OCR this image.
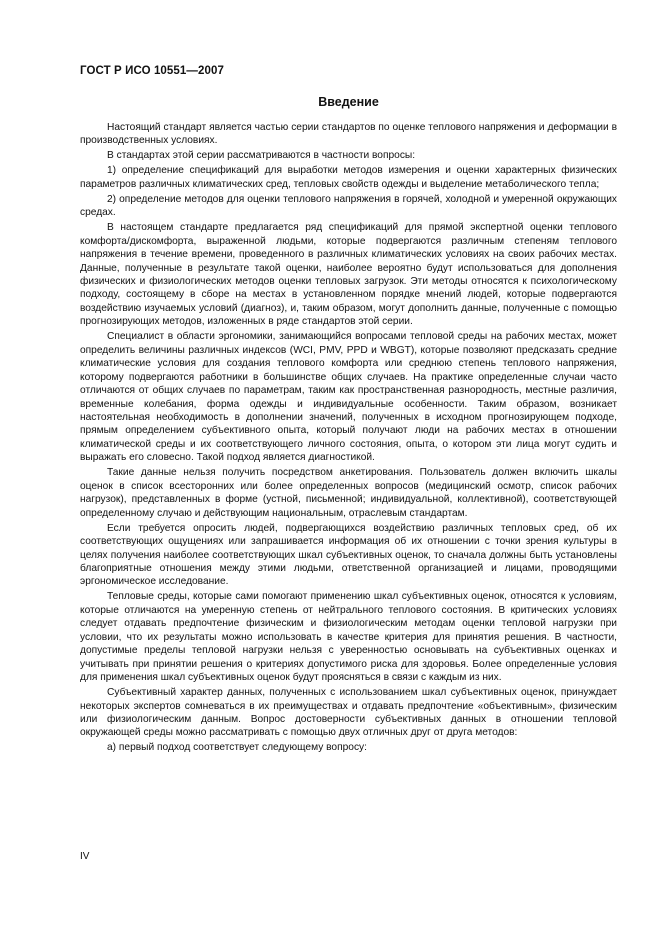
ГОСТ Р ИСО 10551—2007
Введение

Настоящий стандарт является частью серии стандартов по оценке теплового напряжения и деформации в производственных условиях.

В стандартах этой серии рассматриваются в частности вопросы:

1) определение спецификаций для выработки методов измерения и оценки характерных физических параметров различных климатических сред, тепловых свойств одежды и выделение метаболического тепла;

2) определение методов для оценки теплового напряжения в горячей, холодной и умеренной окружающих средах.

В настоящем стандарте предлагается ряд спецификаций для прямой экспертной оценки теплового комфорта/дискомфорта, выраженной людьми, которые подвергаются различным степеням теплового напряжения в течение времени, проведенного в различных климатических условиях на своих рабочих местах. Данные, полученные в результате такой оценки, наиболее вероятно будут использоваться для дополнения физических и физиологических методов оценки тепловых загрузок. Эти методы относятся к психологическому подходу, состоящему в сборе на местах в установленном порядке мнений людей, которые подвергаются воздействию изучаемых условий (диагноз), и, таким образом, могут дополнить данные, полученные с помощью прогнозирующих методов, изложенных в ряде стандартов этой серии.

Специалист в области эргономики, занимающийся вопросами тепловой среды на рабочих местах, может определить величины различных индексов (WCI, PMV, PPD и WBGT), которые позволяют предсказать средние климатические условия для создания теплового комфорта или среднюю степень теплового напряжения, которому подвергаются работники в большинстве общих случаев. На практике определенные случаи часто отличаются от общих случаев по параметрам, таким как пространственная разнородность, местные различия, временные колебания, форма одежды и индивидуальные особенности. Таким образом, возникает настоятельная необходимость в дополнении значений, полученных в исходном прогнозирующем подходе, прямым определением субъективного опыта, который получают люди на рабочих местах в отношении климатической среды и их соответствующего личного состояния, опыта, о котором эти лица могут судить и выражать его словесно. Такой подход является диагностикой.

Такие данные нельзя получить посредством анкетирования. Пользователь должен включить шкалы оценок в список всесторонних или более определенных вопросов (медицинский осмотр, список рабочих нагрузок), представленных в форме (устной, письменной; индивидуальной, коллективной), соответствующей определенному случаю и действующим национальным, отраслевым стандартам.

Если требуется опросить людей, подвергающихся воздействию различных тепловых сред, об их соответствующих ощущениях или запрашивается информация об их отношении с точки зрения культуры в целях получения наиболее соответствующих шкал субъективных оценок, то сначала должны быть установлены благоприятные отношения между этими людьми, ответственной организацией и лицами, проводящими эргономическое исследование.

Тепловые среды, которые сами помогают применению шкал субъективных оценок, относятся к условиям, которые отличаются на умеренную степень от нейтрального теплового состояния. В критических условиях следует отдавать предпочтение физическим и физиологическим методам оценки тепловой нагрузки при условии, что их результаты можно использовать в качестве критерия для принятия решения. В частности, допустимые пределы тепловой нагрузки нельзя с уверенностью основывать на субъективных оценках и учитывать при принятии решения о критериях допустимого риска для здоровья. Более определенные условия для применения шкал субъективных оценок будут проясняться в связи с каждым из них.

Субъективный характер данных, полученных с использованием шкал субъективных оценок, принуждает некоторых экспертов сомневаться в их преимуществах и отдавать предпочтение «объективным», физическим или физиологическим данным. Вопрос достоверности субъективных данных в отношении тепловой окружающей среды можно рассматривать с помощью двух отличных друг от друга методов:

а) первый подход соответствует следующему вопросу:

IV
